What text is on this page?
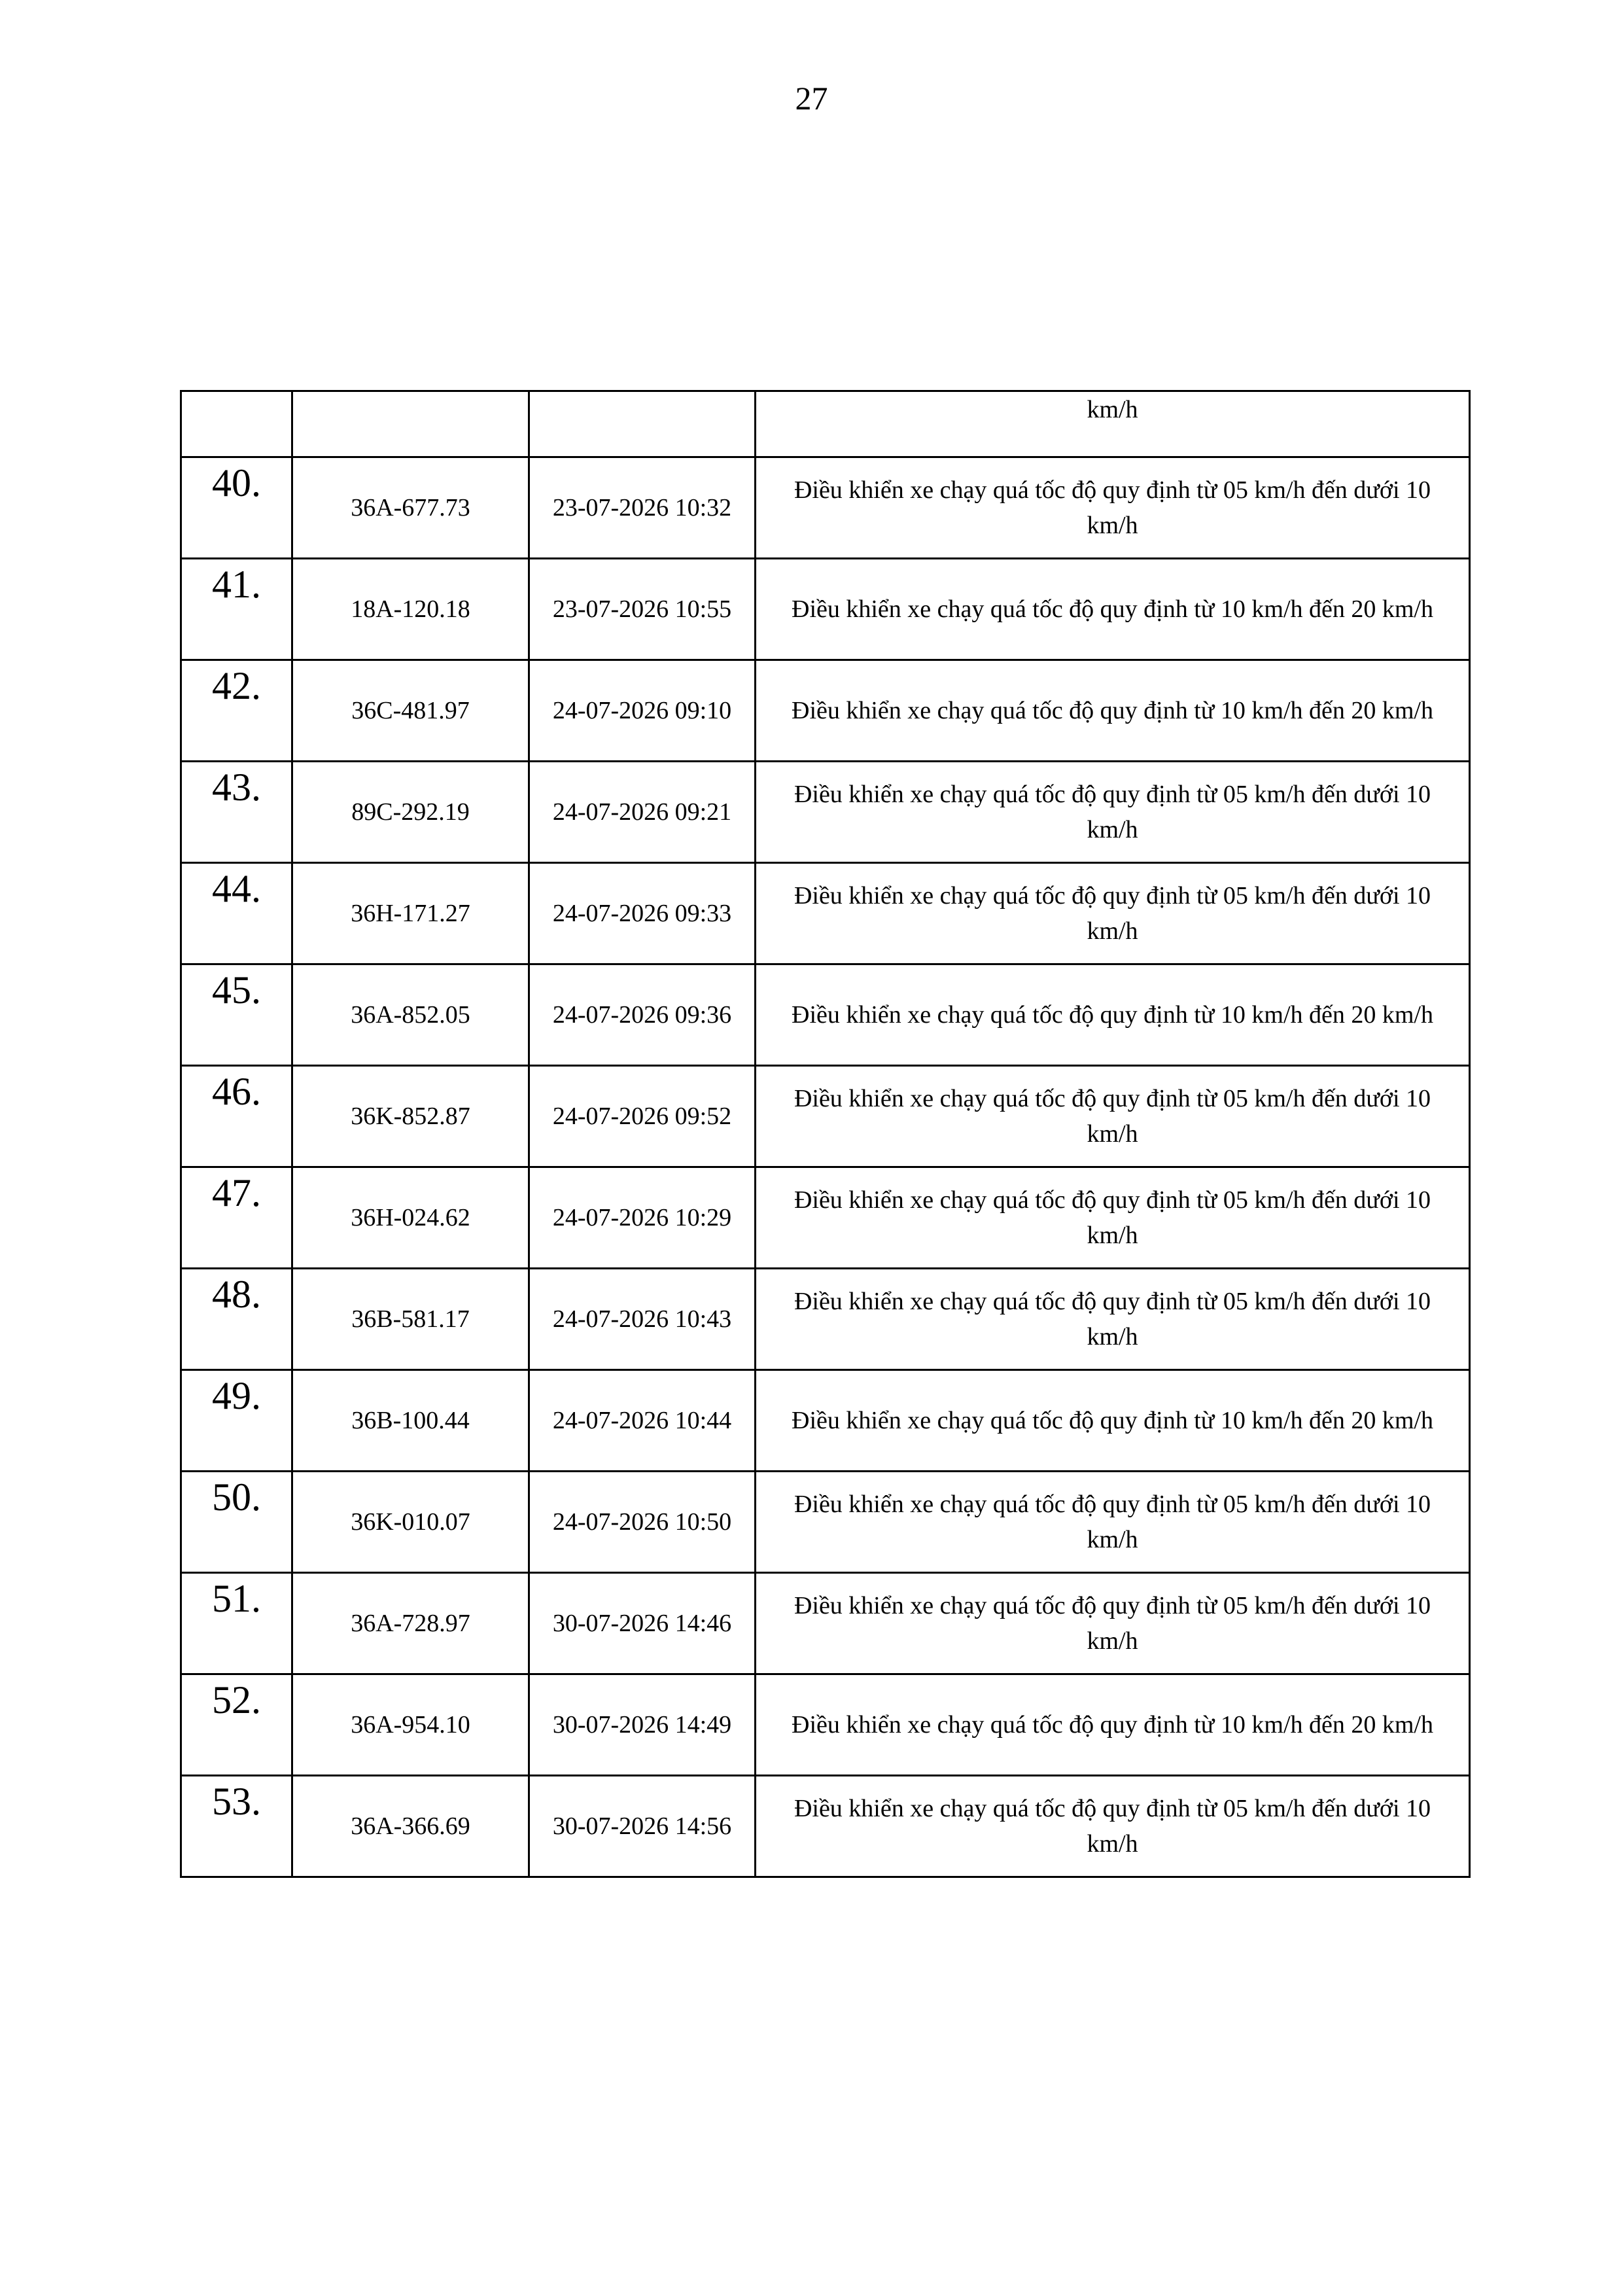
27
			km/h
40.	36A-677.73	23-07-2026 10:32	Điều khiển xe chạy quá tốc độ quy định từ 05 km/h đến dưới 10 km/h
41.	18A-120.18	23-07-2026 10:55	Điều khiển xe chạy quá tốc độ quy định từ 10 km/h đến 20 km/h
42.	36C-481.97	24-07-2026 09:10	Điều khiển xe chạy quá tốc độ quy định từ 10 km/h đến 20 km/h
43.	89C-292.19	24-07-2026 09:21	Điều khiển xe chạy quá tốc độ quy định từ 05 km/h đến dưới 10 km/h
44.	36H-171.27	24-07-2026 09:33	Điều khiển xe chạy quá tốc độ quy định từ 05 km/h đến dưới 10 km/h
45.	36A-852.05	24-07-2026 09:36	Điều khiển xe chạy quá tốc độ quy định từ 10 km/h đến 20 km/h
46.	36K-852.87	24-07-2026 09:52	Điều khiển xe chạy quá tốc độ quy định từ 05 km/h đến dưới 10 km/h
47.	36H-024.62	24-07-2026 10:29	Điều khiển xe chạy quá tốc độ quy định từ 05 km/h đến dưới 10 km/h
48.	36B-581.17	24-07-2026 10:43	Điều khiển xe chạy quá tốc độ quy định từ 05 km/h đến dưới 10 km/h
49.	36B-100.44	24-07-2026 10:44	Điều khiển xe chạy quá tốc độ quy định từ 10 km/h đến 20 km/h
50.	36K-010.07	24-07-2026 10:50	Điều khiển xe chạy quá tốc độ quy định từ 05 km/h đến dưới 10 km/h
51.	36A-728.97	30-07-2026 14:46	Điều khiển xe chạy quá tốc độ quy định từ 05 km/h đến dưới 10 km/h
52.	36A-954.10	30-07-2026 14:49	Điều khiển xe chạy quá tốc độ quy định từ 10 km/h đến 20 km/h
53.	36A-366.69	30-07-2026 14:56	Điều khiển xe chạy quá tốc độ quy định từ 05 km/h đến dưới 10 km/h
